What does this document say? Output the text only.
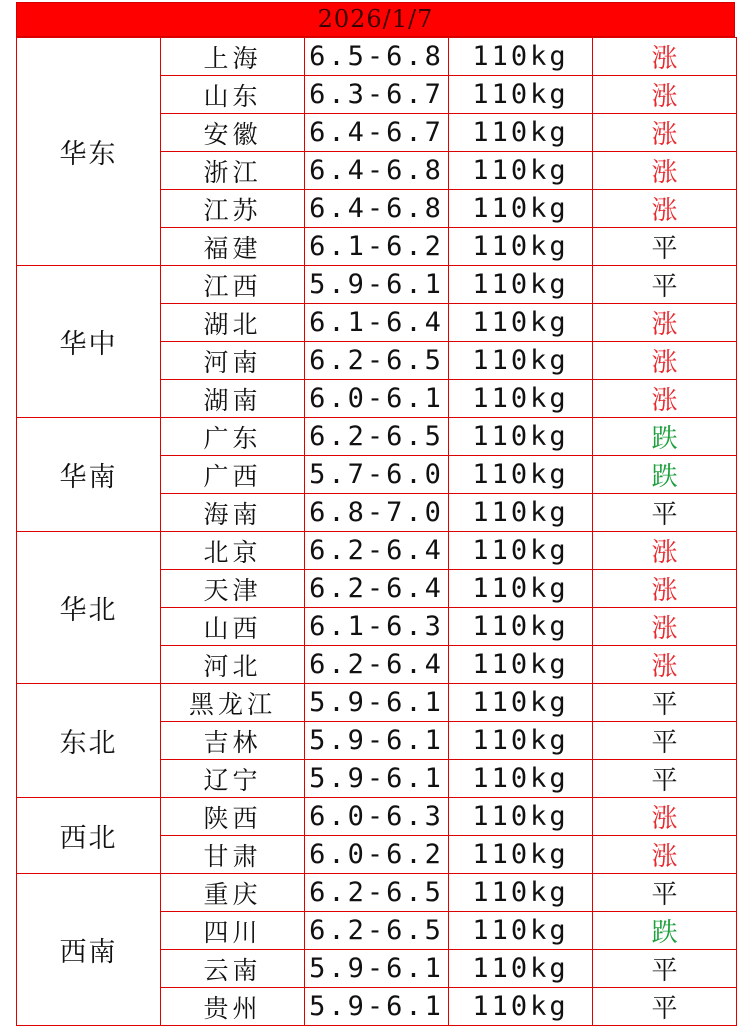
2026/1/7
华东	上海	6.5-6.8	110kg	涨
	山东	6.3-6.7	110kg	涨
	安徽	6.4-6.7	110kg	涨
	浙江	6.4-6.8	110kg	涨
	江苏	6.4-6.8	110kg	涨
	福建	6.1-6.2	110kg	平
华中	江西	5.9-6.1	110kg	平
	湖北	6.1-6.4	110kg	涨
	河南	6.2-6.5	110kg	涨
	湖南	6.0-6.1	110kg	涨
华南	广东	6.2-6.5	110kg	跌
	广西	5.7-6.0	110kg	跌
	海南	6.8-7.0	110kg	平
华北	北京	6.2-6.4	110kg	涨
	天津	6.2-6.4	110kg	涨
	山西	6.1-6.3	110kg	涨
	河北	6.2-6.4	110kg	涨
东北	黑龙江	5.9-6.1	110kg	平
	吉林	5.9-6.1	110kg	平
	辽宁	5.9-6.1	110kg	平
西北	陕西	6.0-6.3	110kg	涨
	甘肃	6.0-6.2	110kg	涨
西南	重庆	6.2-6.5	110kg	平
	四川	6.2-6.5	110kg	跌
	云南	5.9-6.1	110kg	平
	贵州	5.9-6.1	110kg	平
